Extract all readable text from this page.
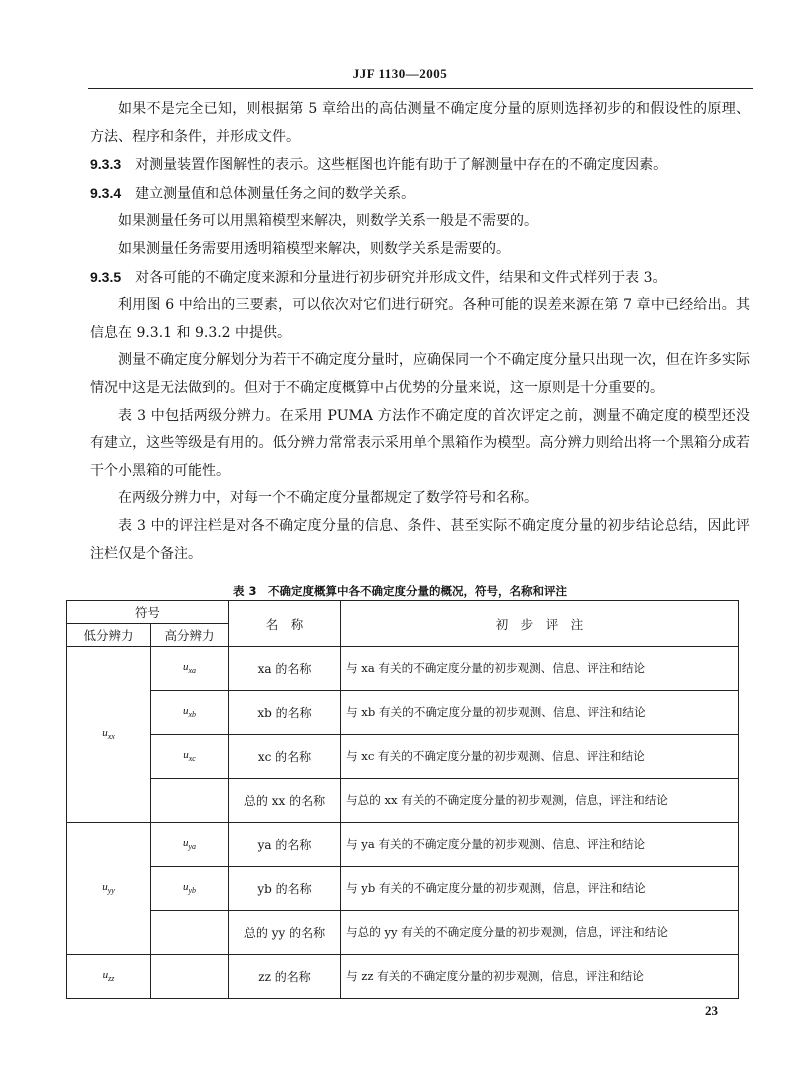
JJF 1130—2005

如果不是完全已知，则根据第 5 章给出的高估测量不确定度分量的原则选择初步的和假设性的原理、方法、程序和条件，并形成文件。

9.3.3　 对测量装置作图解性的表示。这些框图也许能有助于了解测量中存在的不确定度因素。

9.3.4　 建立测量值和总体测量任务之间的数学关系。

如果测量任务可以用黑箱模型来解决，则数学关系一般是不需要的。

如果测量任务需要用透明箱模型来解决，则数学关系是需要的。

9.3.5　 对各可能的不确定度来源和分量进行初步研究并形成文件，结果和文件式样列于表 3。

利用图 6 中给出的三要素，可以依次对它们进行研究。各种可能的误差来源在第 7 章中已经给出。其信息在 9.3.1 和 9.3.2 中提供。

测量不确定度分解划分为若干不确定度分量时，应确保同一个不确定度分量只出现一次，但在许多实际情况中这是无法做到的。但对于不确定度概算中占优势的分量来说，这一原则是十分重要的。

表 3 中包括两级分辨力。在采用 PUMA 方法作不确定度的首次评定之前，测量不确定度的模型还没有建立，这些等级是有用的。低分辨力常常表示采用单个黑箱作为模型。高分辨力则给出将一个黑箱分成若干个小黑箱的可能性。

在两级分辨力中，对每一个不确定度分量都规定了数学符号和名称。

表 3 中的评注栏是对各不确定度分量的信息、条件、甚至实际不确定度分量的初步结论总结，因此评注栏仅是个备注。

表 3　不确定度概算中各不确定度分量的概况，符号，名称和评注
符号		名　称	初　步　评　注
低分辨力	高分辨力		
$u_{xx}$	$u_{xa}$	xa 的名称	与 xa 有关的不确定度分量的初步观测、信息、评注和结论
	$u_{xb}$	xb 的名称	与 xb 有关的不确定度分量的初步观测、信息、评注和结论
	$u_{xc}$	xc 的名称	与 xc 有关的不确定度分量的初步观测、信息、评注和结论
		总的 xx 的名称	与总的 xx 有关的不确定度分量的初步观测，信息，评注和结论
$u_{yy}$	$u_{ya}$	ya 的名称	与 ya 有关的不确定度分量的初步观测、信息、评注和结论
	$u_{yb}$	yb 的名称	与 yb 有关的不确定度分量的初步观测，信息，评注和结论
		总的 yy 的名称	与总的 yy 有关的不确定度分量的初步观测，信息，评注和结论
$u_{zz}$		zz 的名称	与 zz 有关的不确定度分量的初步观测，信息，评注和结论
23
